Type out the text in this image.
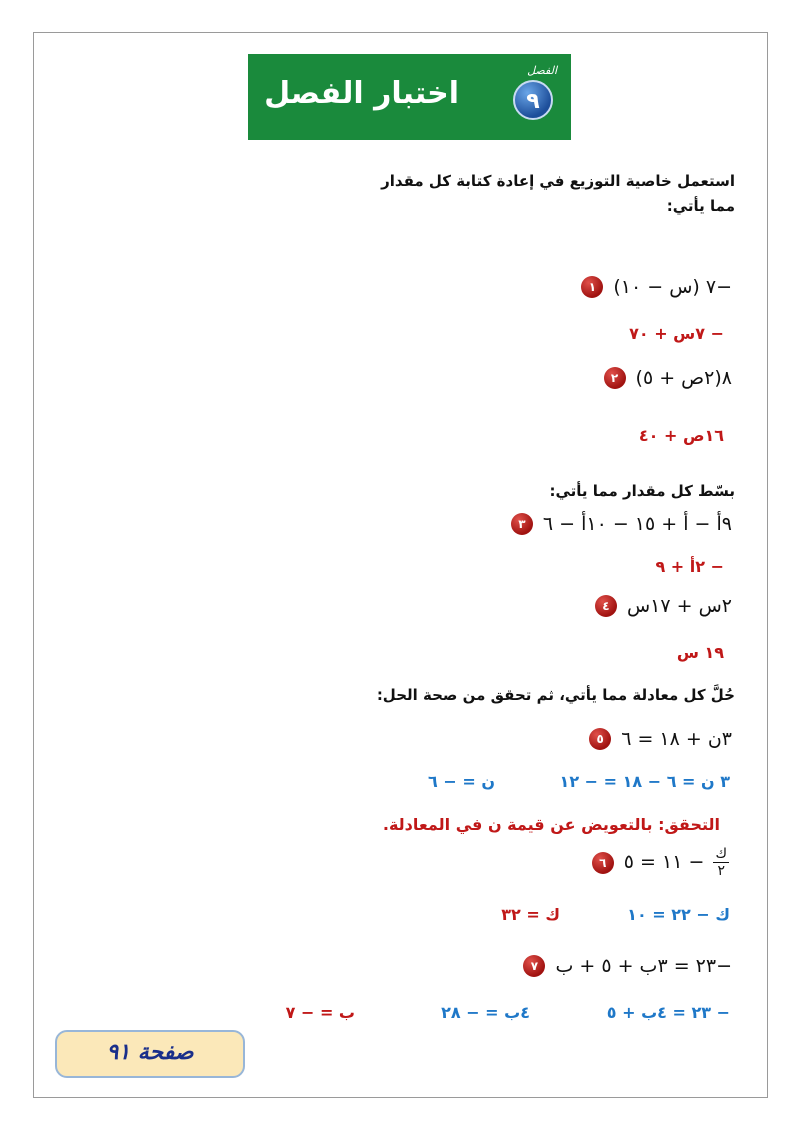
اختبار الفصل
الفصل
٩
استعمل خاصية التوزيع في إعادة كتابة كل مقدار
مما يأتي:
١ −٧ (س − ١٠)
− ٧س + ٧٠
٢ ٨(٢ص + ٥)
١٦ص + ٤٠
بسّط كل مقدار مما يأتي:
٣ ٩أ − أ + ١٥ − ١٠أ − ٦
− ٢أ + ٩
٤ ٢س + ١٧س
١٩ س
حُلَّ كل معادلة مما يأتي، ثم تحقق من صحة الحل:
٥ ٣ن + ١٨ = ٦
٣ ن = ٦ − ١٨ = − ١٢
ن = − ٦
التحقق: بالتعويض عن قيمة ن في المعادلة.
٦	$\frac{\text{ك}}{٢}$
− ١١ = ٥
ك − ٢٢ = ١٠
ك = ٣٢
٧ −٢٣ = ٣ب + ٥ + ب
− ٢٣ = ٤ب + ٥
٤ب = − ٢٨
ب = − ٧
صفحة ٩١
